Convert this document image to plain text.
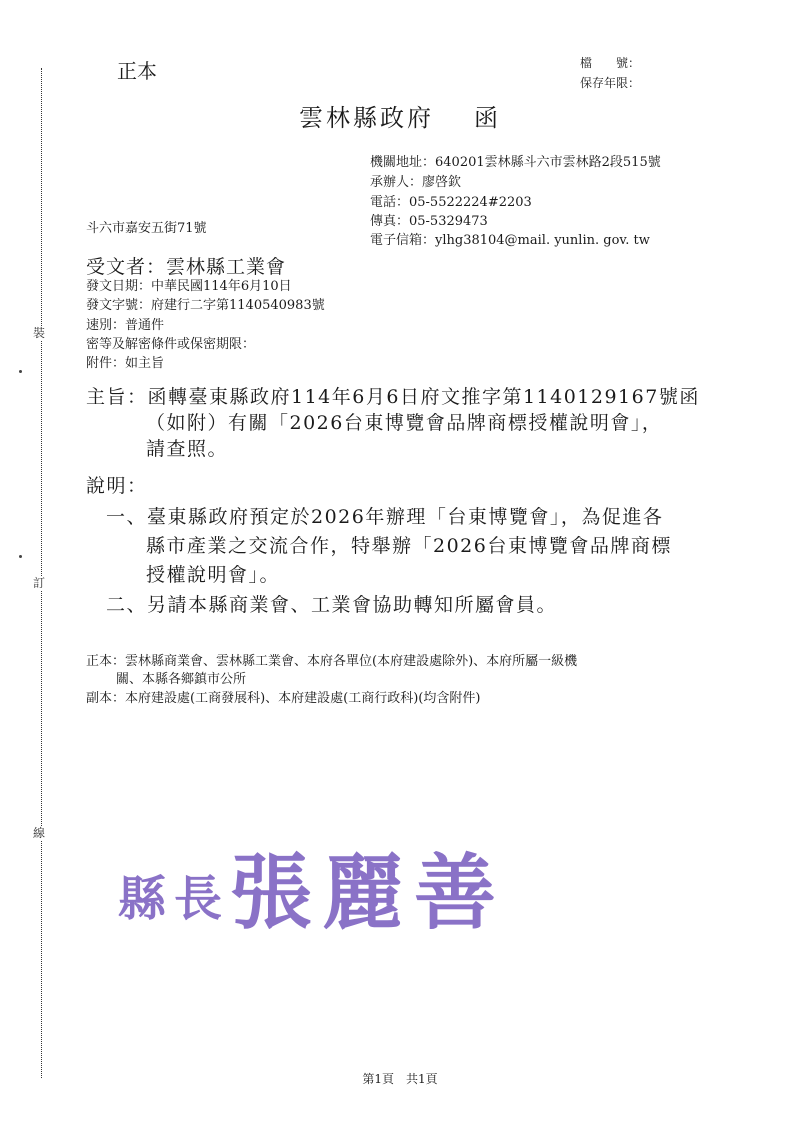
裝
訂
線
正本	檔　　號：
保存年限：
雲林縣政府 函
機關地址：640201雲林縣斗六市雲林路2段515號
承辦人：廖啓欽
電話：05-5522224#2203
傳真：05-5329473
電子信箱：ylhg38104@mail. yunlin. gov. tw
斗六市嘉安五街71號
受文者：雲林縣工業會
發文日期：中華民國114年6月10日
發文字號：府建行二字第1140540983號
速別：普通件
密等及解密條件或保密期限：
附件：如主旨
主旨：函轉臺東縣政府114年6月6日府文推字第1140129167號函
（如附）有關「2026台東博覽會品牌商標授權說明會」，
請查照。
說明：
一、臺東縣政府預定於2026年辦理「台東博覽會」，為促進各
縣市產業之交流合作，特舉辦「2026台東博覽會品牌商標
授權說明會」。
二、另請本縣商業會、工業會協助轉知所屬會員。
正本：雲林縣商業會、雲林縣工業會、本府各單位(本府建設處除外)、本府所屬一級機
關、本縣各鄉鎮市公所
副本：本府建設處(工商發展科)、本府建設處(工商行政科)(均含附件)
縣長張麗善
第1頁 共1頁
